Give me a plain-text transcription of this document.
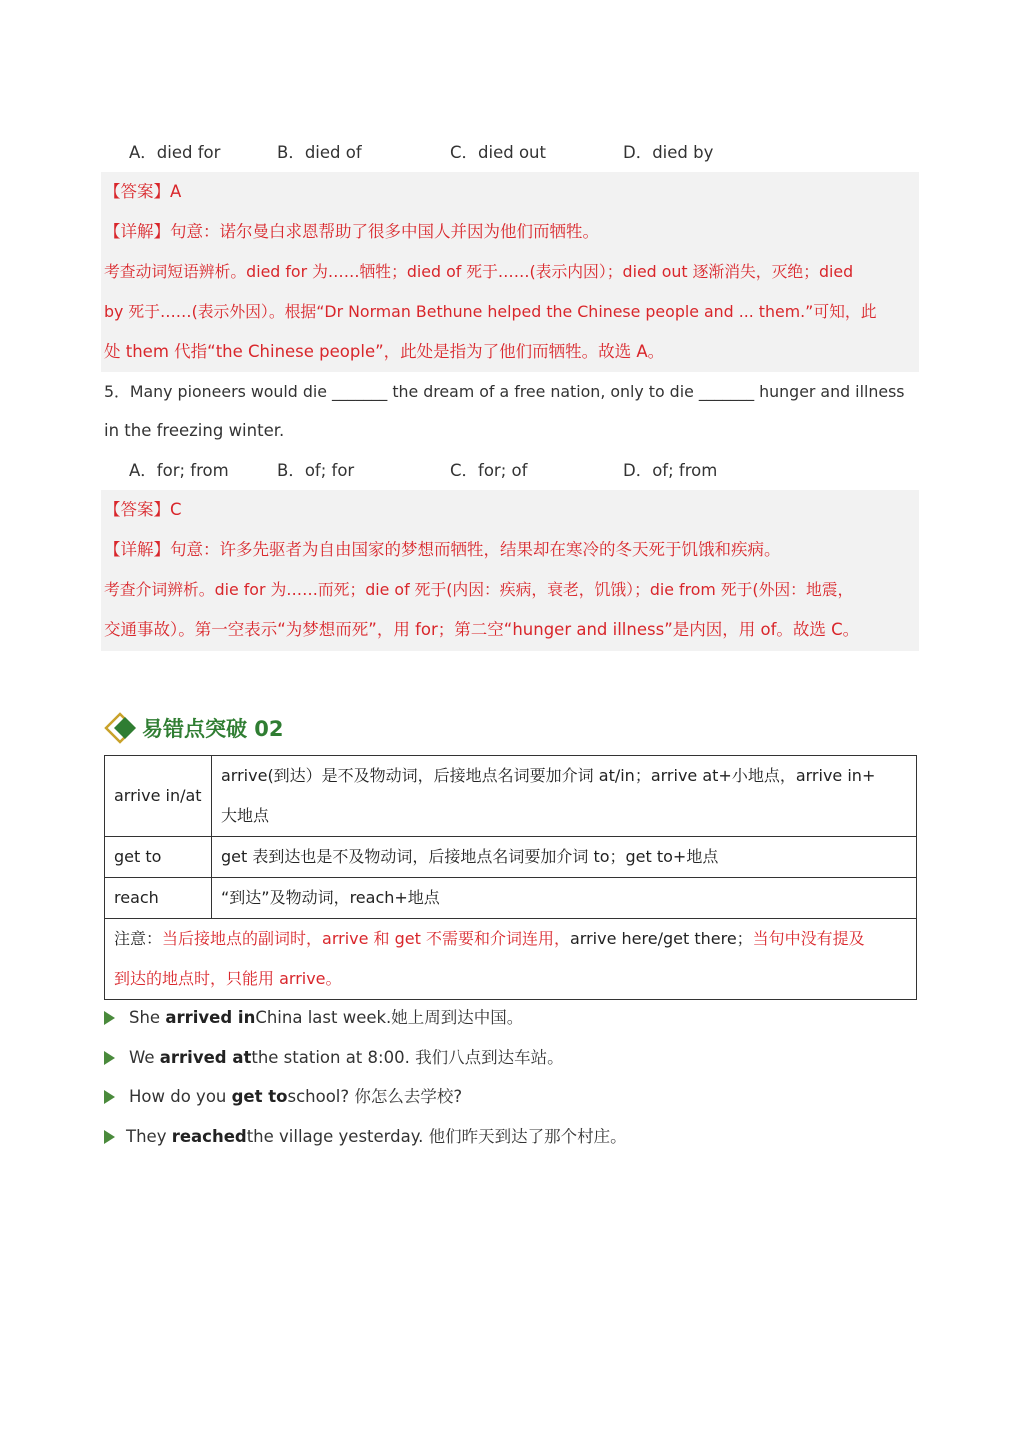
A．died for	B．died of	C．died out	D．died by
【答案】A
【详解】句意：诺尔曼白求恩帮助了很多中国人并因为他们而牺牲。
考查动词短语辨析。died for 为……牺牲；died of 死于……(表示内因）；died out 逐渐消失，灭绝；died
by 死于……(表示外因）。根据“Dr Norman Bethune helped the Chinese people and ... them.”可知，此
处 them 代指“the Chinese people”，此处是指为了他们而牺牲。故选 A。
5．Many pioneers would die _______ the dream of a free nation, only to die _______ hunger and illness
in the freezing winter.
A．for; from	B．of; for	C．for; of	D．of; from
【答案】C
【详解】句意：许多先驱者为自由国家的梦想而牺牲，结果却在寒冷的冬天死于饥饿和疾病。
考查介词辨析。die for 为……而死；die of 死于(内因：疾病，衰老，饥饿）；die from 死于(外因：地震，
交通事故）。第一空表示“为梦想而死”，用 for；第二空“hunger and illness”是内因，用 of。故选 C。
易错点突破 02
arrive in/at	arrive(到达）是不及物动词，后接地点名词要加介词 at/in；arrive at+小地点，arrive in+
大地点

get to	get 表到达也是不及物动词，后接地点名词要加介词 to；get to+地点
reach	“到达”及物动词，reach+地点

注意：当后接地点的副词时，arrive 和 get 不需要和介词连用，arrive here/get there；当句中没有提及
到达的地点时，只能用 arrive。	
She
arrived in China last week.她上周到达中国。
We
arrived at the station at 8:00. 我们八点到达车站。
How do you
get to school? 你怎么去学校?
They
reached the village yesterday. 他们昨天到达了那个村庄。
